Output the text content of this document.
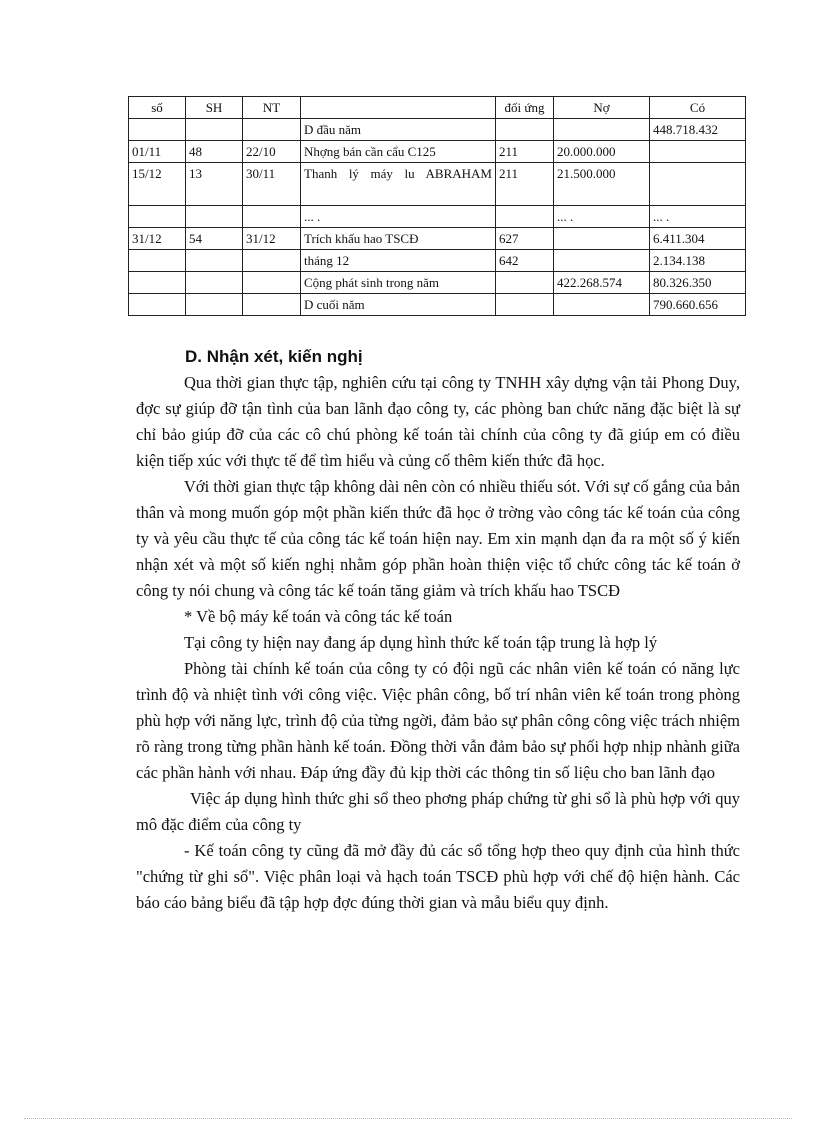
số	SH	NT		đối ứng	Nợ	Có
			D đầu năm			448.718.432
01/11	48	22/10	Nhợng bán cần cẩu C125	211	20.000.000	
15/12	13	30/11	Thanh lý máy lu ABRAHAM	211	21.500.000	
			... .		... .	... .
31/12	54	31/12	Trích khấu hao TSCĐ	627		6.411.304
			tháng 12	642		2.134.138
			Cộng phát sinh trong năm		422.268.574	80.326.350
			D cuối năm			790.660.656
D. Nhận xét, kiến nghị

Qua thời gian thực tập, nghiên cứu tại công ty TNHH xây dựng vận tải Phong Duy, đợc sự giúp đỡ tận tình của ban lãnh đạo công ty, các phòng ban chức năng đặc biệt là sự chỉ bảo giúp đỡ của các cô chú phòng kế toán tài chính của công ty đã giúp em có điều kiện tiếp xúc với thực tế để tìm hiểu và củng cố thêm kiến thức đã học.

Với thời gian thực tập không dài nên còn có nhiều thiếu sót. Với sự cố gắng của bản thân và mong muốn góp một phần kiến thức đã học ở trờng vào công tác kế toán của công ty và yêu cầu thực tế của công tác kế toán hiện nay. Em xin mạnh dạn đa ra một số ý kiến nhận xét và một số kiến nghị nhằm góp phần hoàn thiện việc tổ chức công tác kế toán ở công ty nói chung và công tác kế toán tăng giảm và trích khấu hao TSCĐ

* Về bộ máy kế toán và công tác kế toán

Tại công ty hiện nay đang áp dụng hình thức kế toán tập trung là hợp lý

Phòng tài chính kế toán của công ty có đội ngũ các nhân viên kế toán có năng lực trình độ và nhiệt tình với công việc. Việc phân công, bố trí nhân viên kế toán trong phòng phù hợp với năng lực, trình độ của từng ngời, đảm bảo sự phân công công việc trách nhiệm rõ ràng trong từng phần hành kế toán. Đồng thời vẫn đảm bảo sự phối hợp nhịp nhành giữa các phần hành với nhau. Đáp ứng đầy đủ kịp thời các thông tin số liệu cho ban lãnh đạo

Việc áp dụng hình thức ghi sổ theo phơng pháp chứng từ ghi sổ là phù hợp với quy mô đặc điểm của công ty

- Kế toán công ty cũng đã mở đầy đủ các sổ tổng hợp theo quy định của hình thức "chứng từ ghi sổ". Việc phân loại và hạch toán TSCĐ phù hợp với chế độ hiện hành. Các báo cáo bảng biểu đã tập hợp đợc đúng thời gian và mẫu biểu quy định.
